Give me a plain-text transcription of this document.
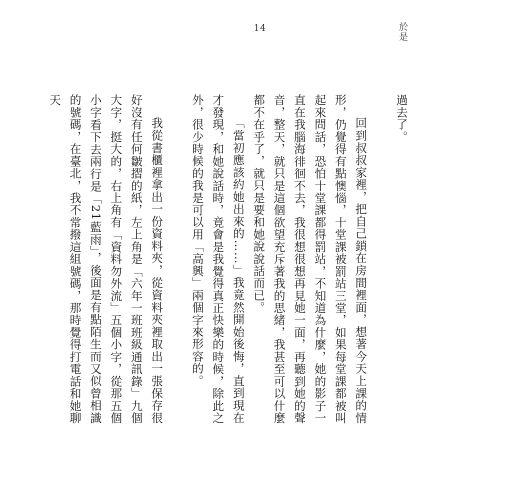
14	於是

過去了。

回到叔叔家裡，把自己鎖在房間裡面，想著今天上課的情形，仍覺得有點懊惱，十堂課被罰站三堂，如果每堂課都被叫起來問話，恐怕十堂課都得罰站，不知道為什麼，她的影子一直在我腦海徘徊不去，我很想很想再見她一面，再聽到她的聲音，整天，就只是這個欲望充斥著我的思緒，我甚至可以什麼都不在乎了，就只是要和她說說話而已。

「當初應該約她出來的……」我竟然開始後悔，直到現在才發現，和她說話時，竟會是我覺得真正快樂的時候，除此之外，很少時候的我是可以用「高興」兩個字來形容的。

我從書櫃裡拿出一份資料夾，從資料夾裡取出一張保存很好沒有任何皺摺的紙，左上角是「六年一班班級通訊錄」九個大字，挺大的，右上角有「資料勿外流」五個小字，從那五個小字看下去兩行是「21藍雨」，後面是有點陌生而又似曾相識的號碼，在臺北，我不常撥這組號碼，那時覺得打電話和她聊天
